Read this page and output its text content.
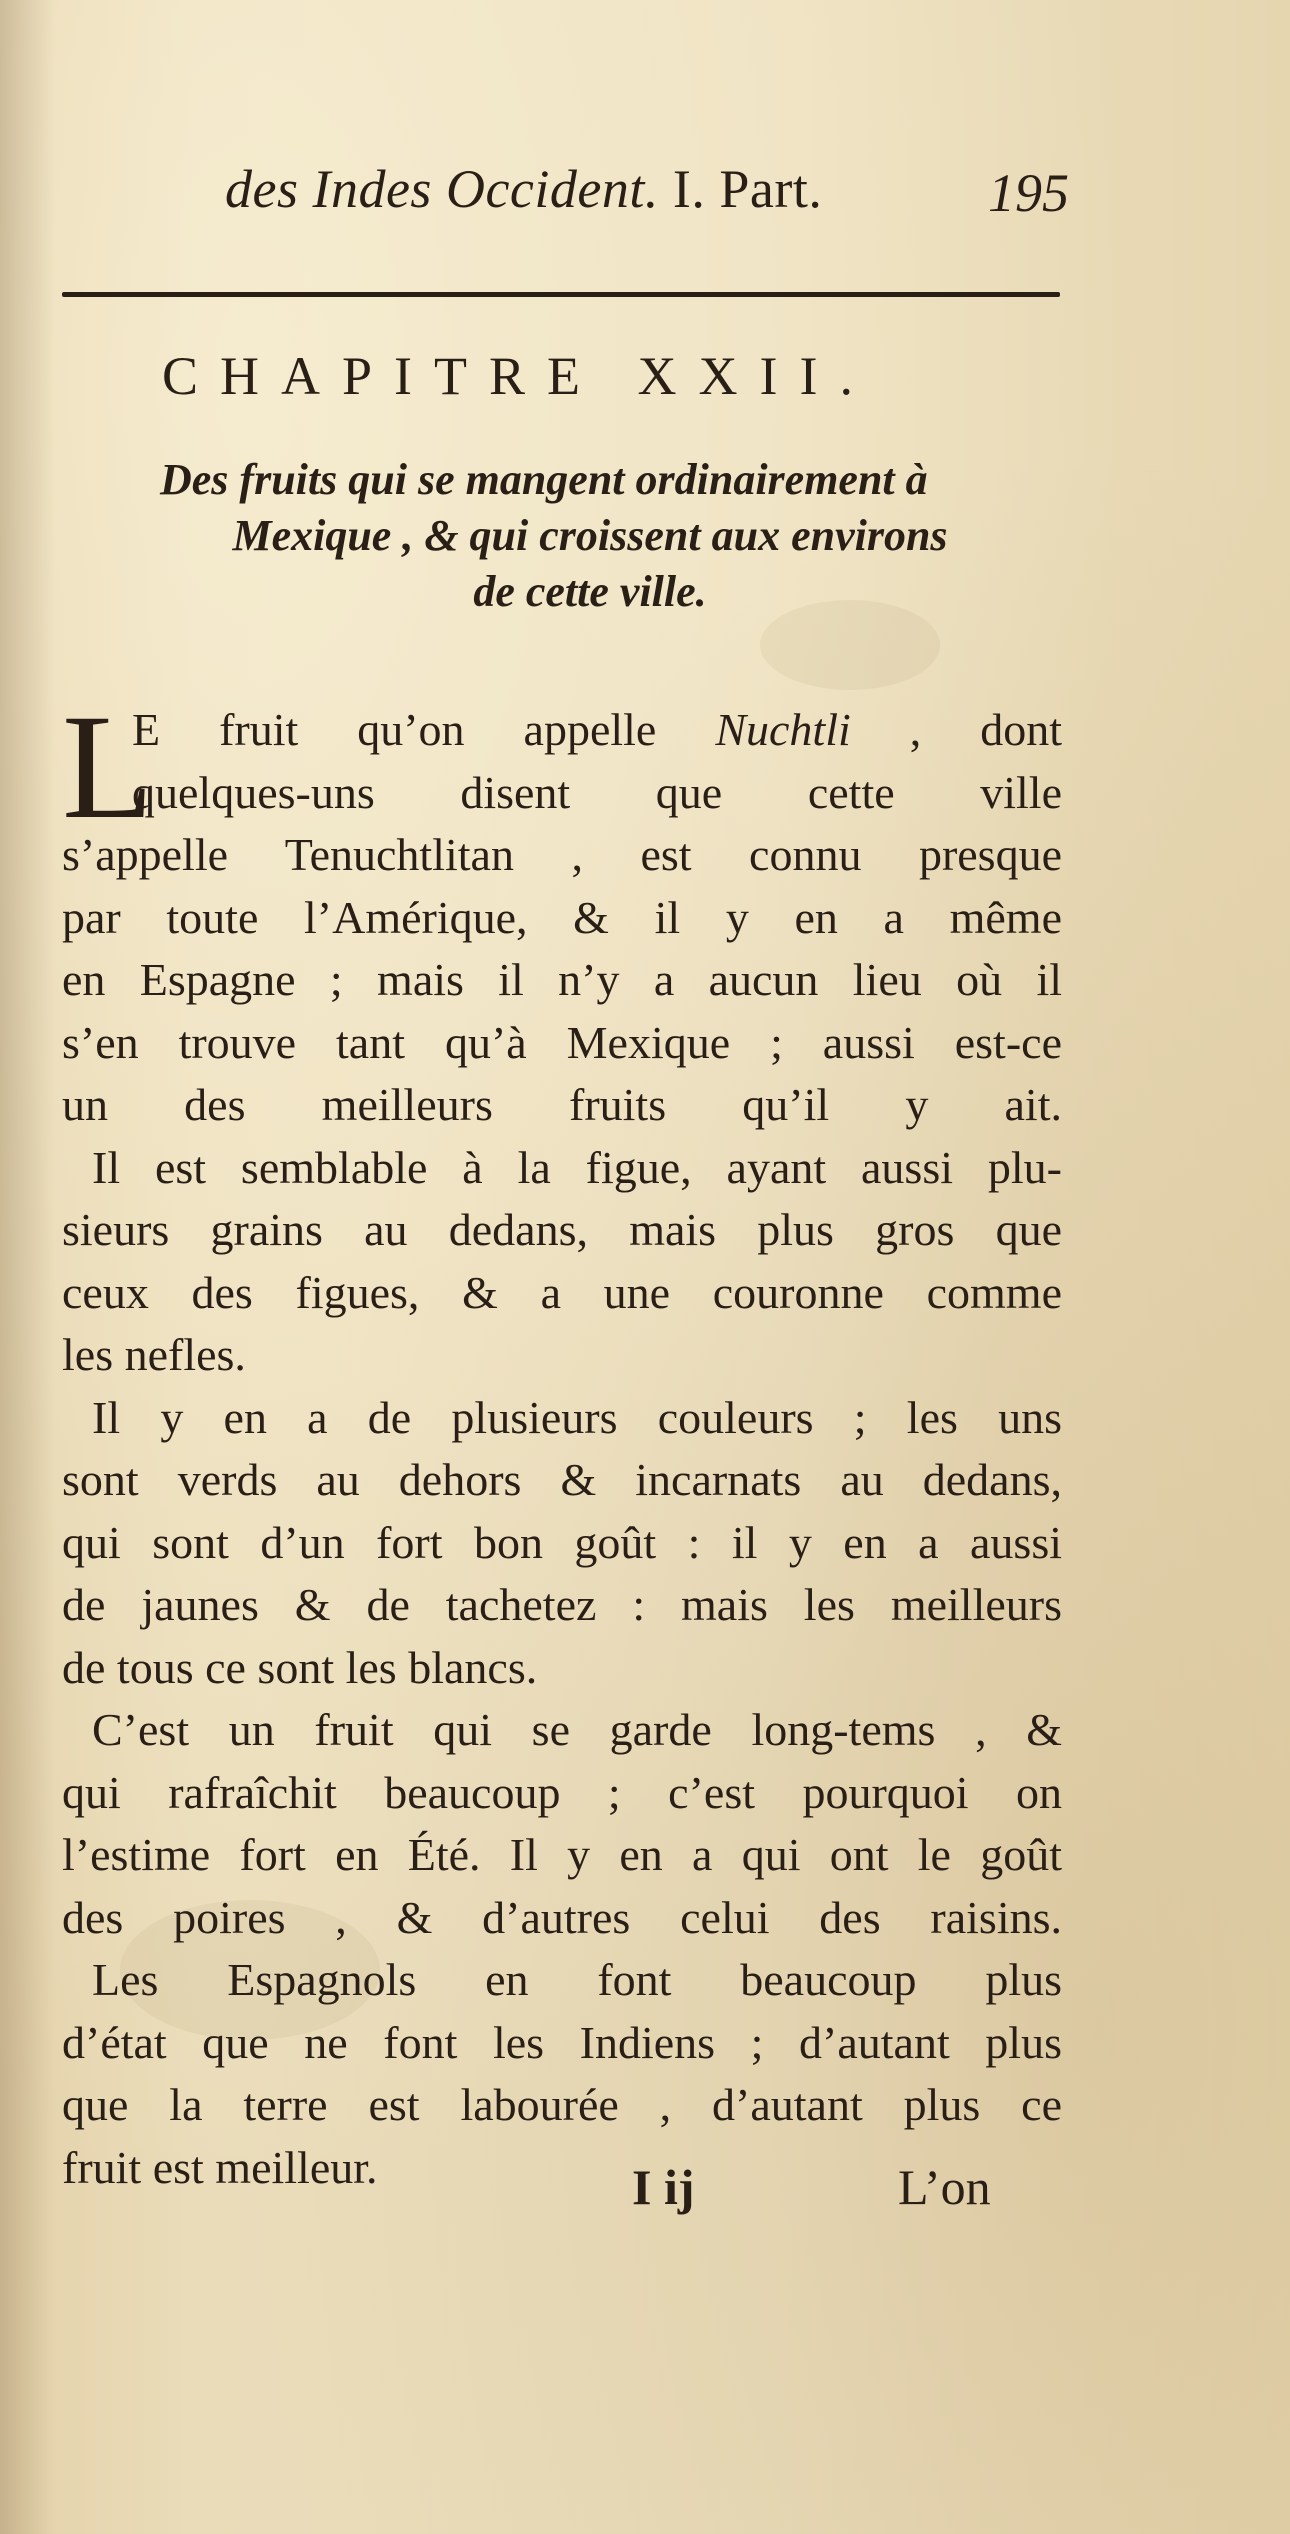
des Indes Occident. I. Part.	195
CHAPITRE XXII.
Des fruits qui se mangent ordinairement à
Mexique , & qui croissent aux environs
de cette ville.
L
E fruit qu’on appelle Nuchtli , dont
quelques-uns disent que cette ville
s’appelle Tenuchtlitan , est connu presque
par toute l’Amérique, & il y en a même
en Espagne ; mais il n’y a aucun lieu où il
s’en trouve tant qu’à Mexique ; aussi est-ce
un des meilleurs fruits qu’il y ait.
Il est semblable à la figue, ayant aussi plu-
sieurs grains au dedans, mais plus gros que
ceux des figues, & a une couronne comme
les nefles.
Il y en a de plusieurs couleurs ; les uns
sont verds au dehors & incarnats au dedans,
qui sont d’un fort bon goût : il y en a aussi
de jaunes & de tachetez : mais les meilleurs
de tous ce sont les blancs.
C’est un fruit qui se garde long-tems , &
qui rafraîchit beaucoup ; c’est pourquoi on
l’estime fort en Été. Il y en a qui ont le goût
des poires , & d’autres celui des raisins.
Les Espagnols en font beaucoup plus
d’état que ne font les Indiens ; d’autant plus
que la terre est labourée , d’autant plus ce
fruit est meilleur.	I ij	L’on
